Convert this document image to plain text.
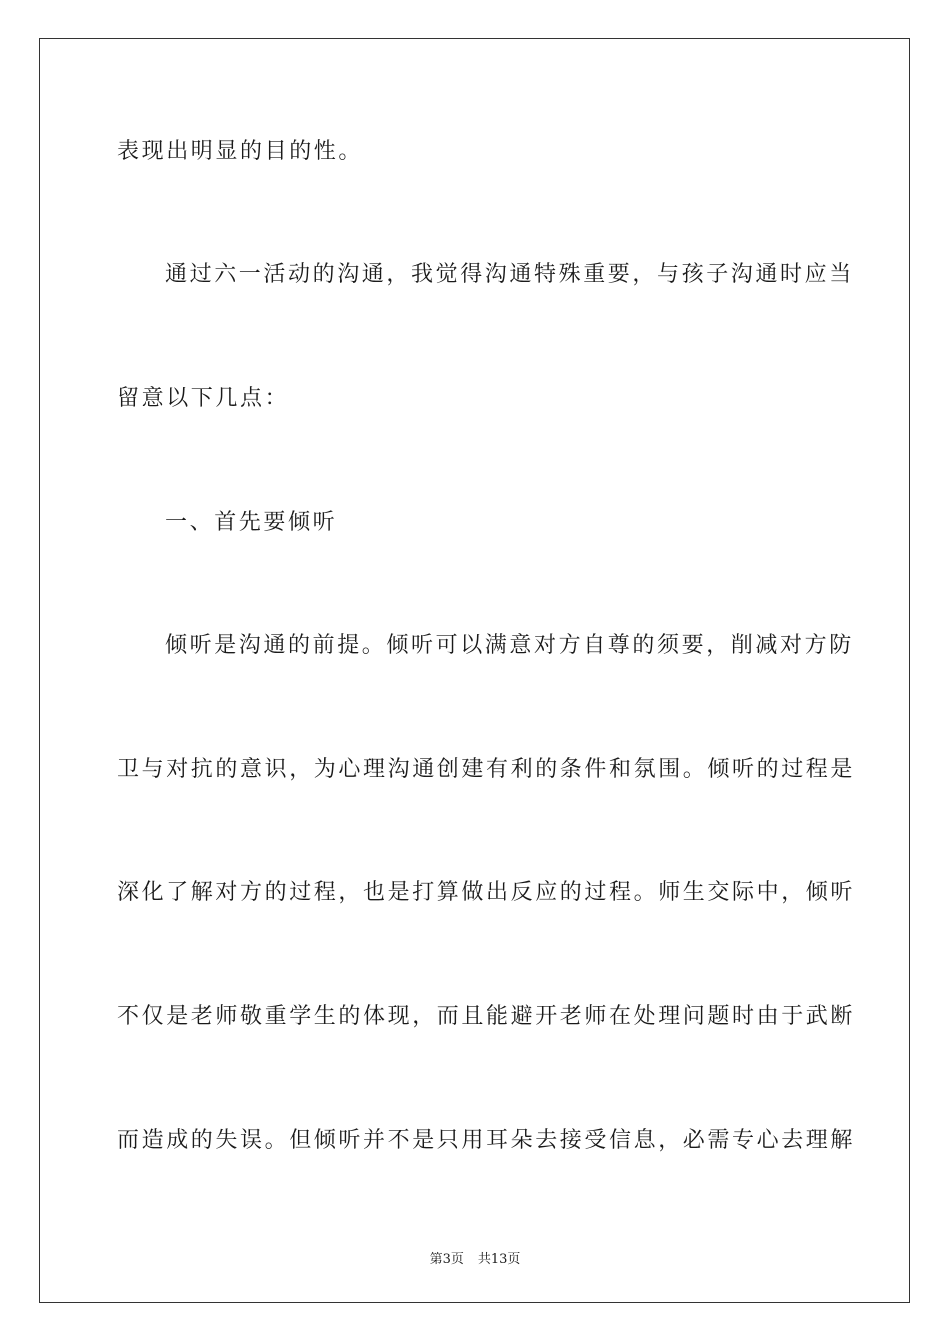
表现出明显的目的性。
通过六一活动的沟通，我觉得沟通特殊重要，与孩子沟通时应当
留意以下几点：
一、首先要倾听
倾听是沟通的前提。倾听可以满意对方自尊的须要，削减对方防
卫与对抗的意识，为心理沟通创建有利的条件和氛围。倾听的过程是
深化了解对方的过程，也是打算做出反应的过程。师生交际中，倾听
不仅是老师敬重学生的体现，而且能避开老师在处理问题时由于武断
而造成的失误。但倾听并不是只用耳朵去接受信息，必需专心去理解
第3页 共13页
